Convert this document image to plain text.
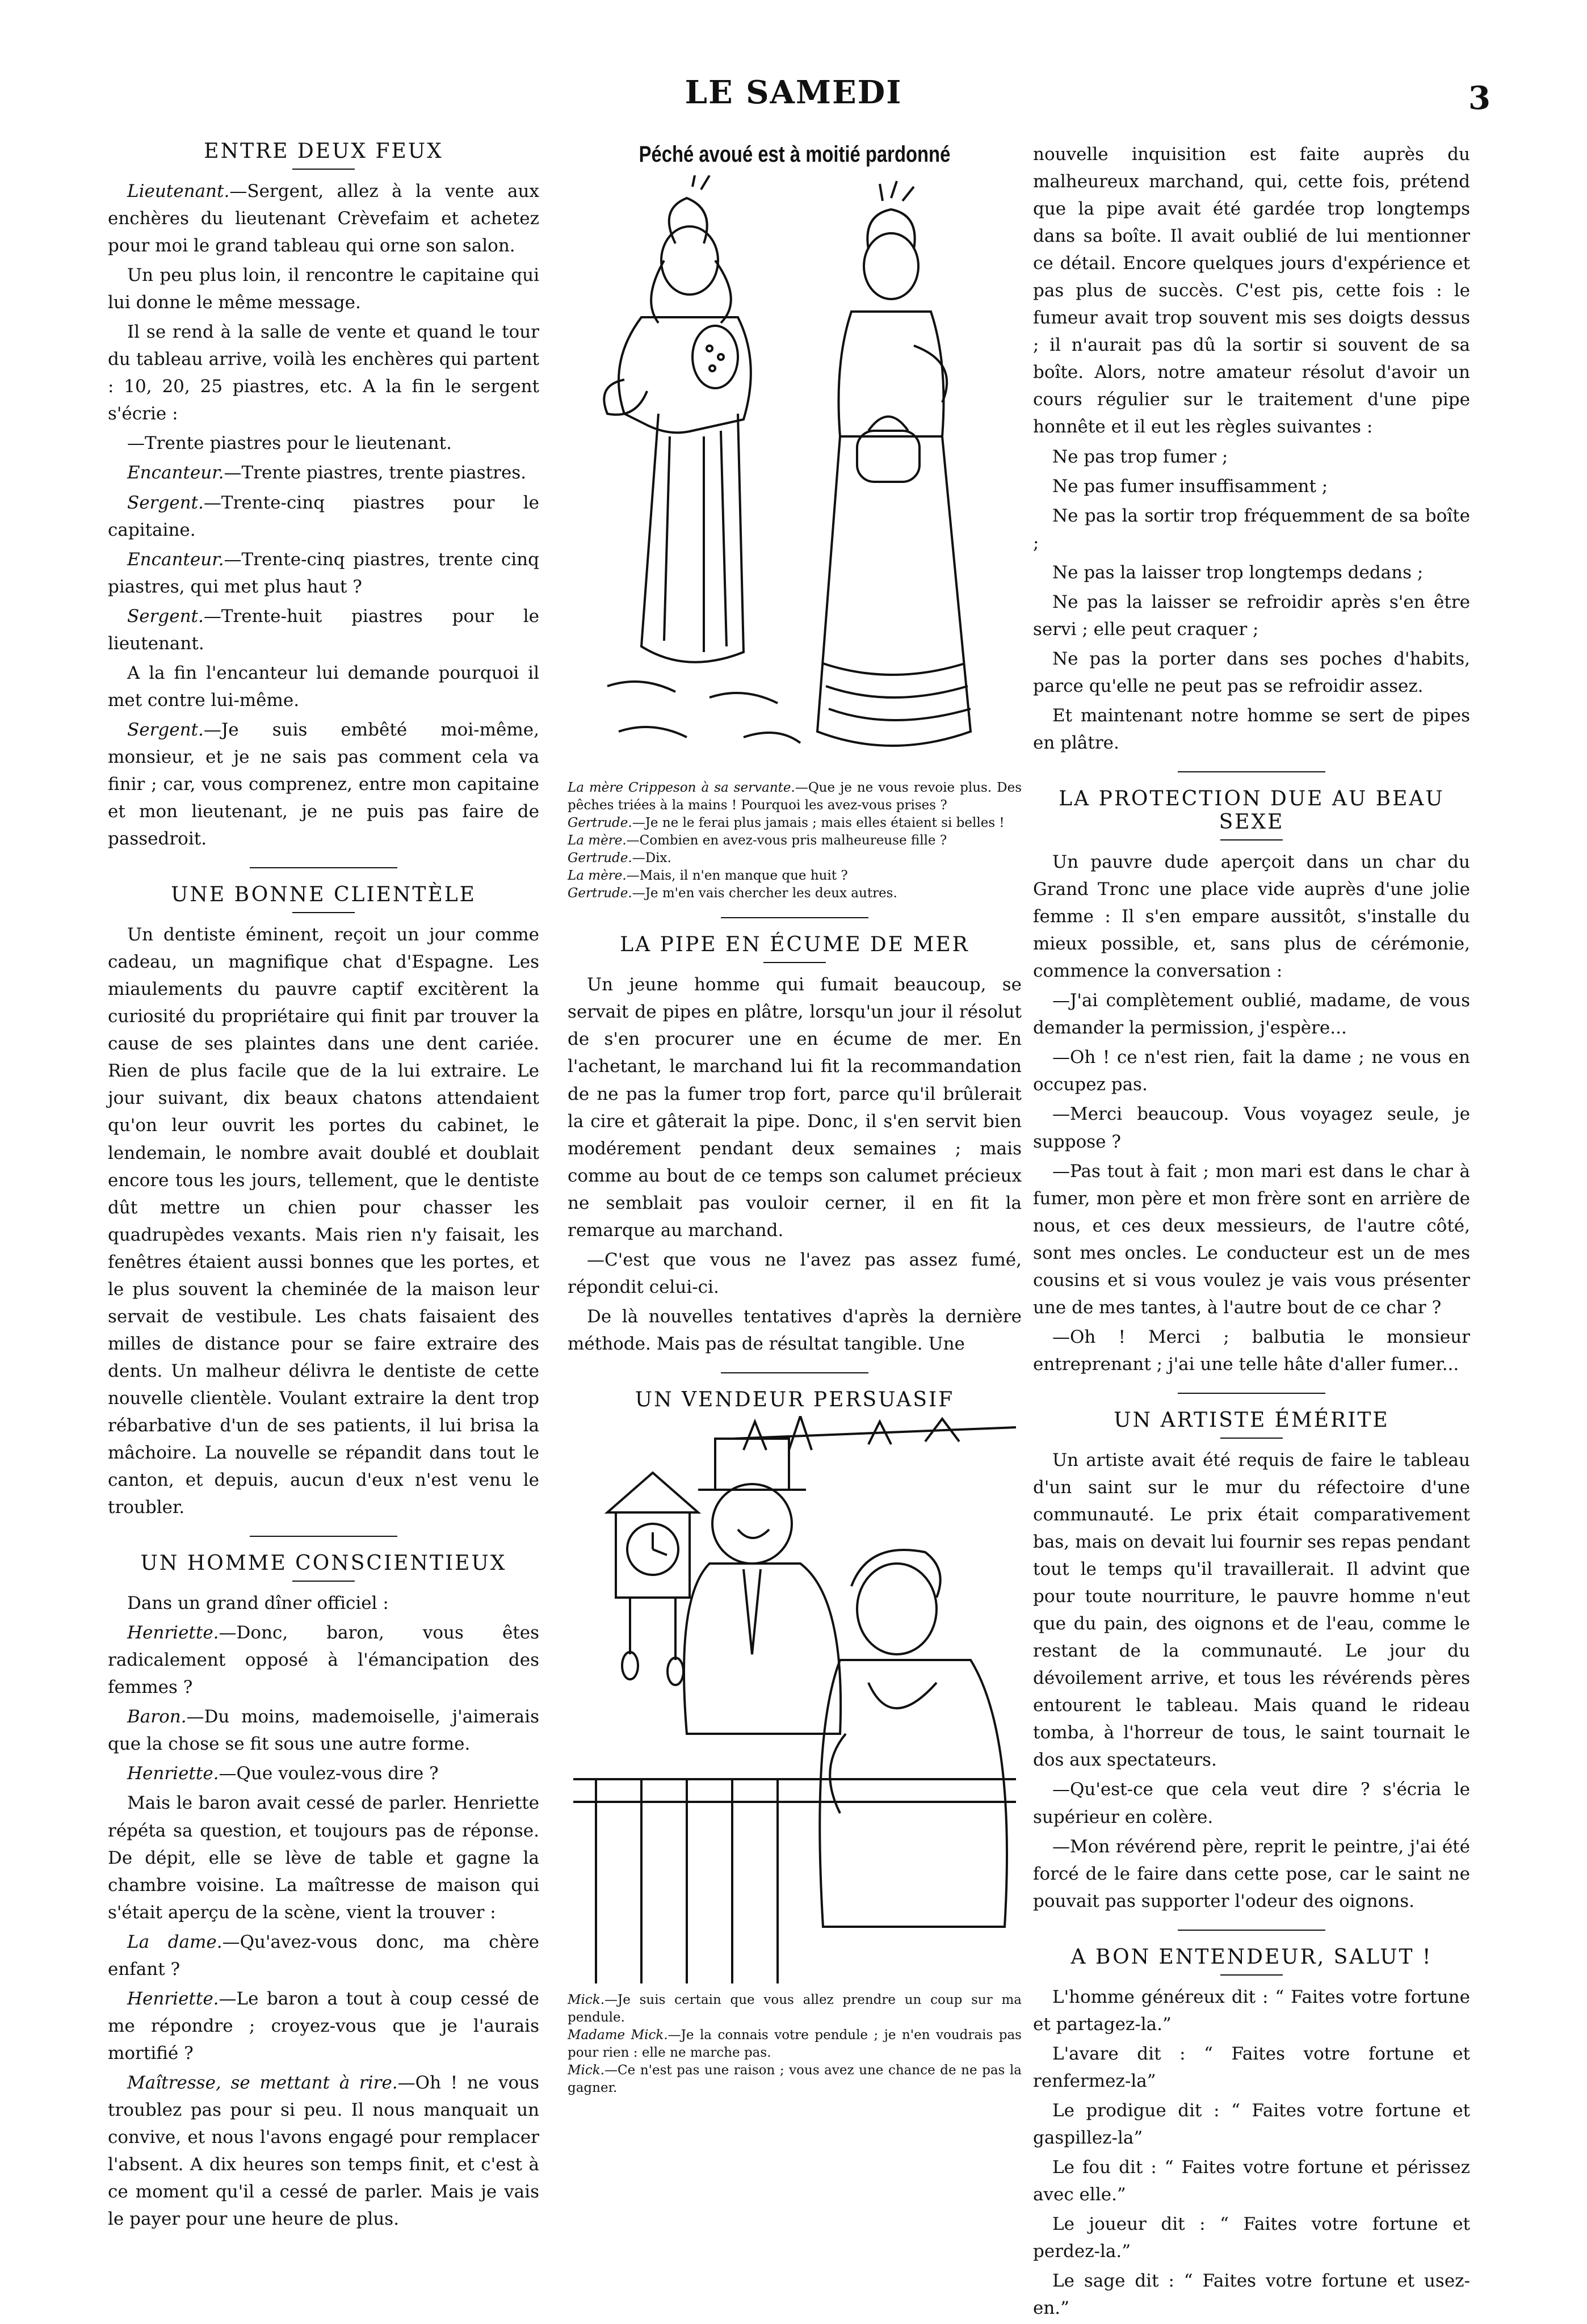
LE SAMEDI	3
ENTRE DEUX FEUX

Lieutenant.—Sergent, allez à la vente aux enchères du lieutenant Crèvefaim et achetez pour moi le grand tableau qui orne son salon.

Un peu plus loin, il rencontre le capitaine qui lui donne le même message.

Il se rend à la salle de vente et quand le tour du tableau arrive, voilà les enchères qui partent : 10, 20, 25 piastres, etc. A la fin le sergent s'écrie :

—Trente piastres pour le lieutenant.

Encanteur.—Trente piastres, trente piastres.

Sergent.—Trente-cinq piastres pour le capitaine.

Encanteur.—Trente-cinq piastres, trente cinq piastres, qui met plus haut ?

Sergent.—Trente-huit piastres pour le lieutenant.

A la fin l'encanteur lui demande pourquoi il met contre lui-même.

Sergent.—Je suis embêté moi-même, monsieur, et je ne sais pas comment cela va finir ; car, vous comprenez, entre mon capitaine et mon lieutenant, je ne puis pas faire de passedroit.

UNE BONNE CLIENTÈLE

Un dentiste éminent, reçoit un jour comme cadeau, un magnifique chat d'Espagne. Les miaulements du pauvre captif excitèrent la curiosité du propriétaire qui finit par trouver la cause de ses plaintes dans une dent cariée. Rien de plus facile que de la lui extraire. Le jour suivant, dix beaux chatons attendaient qu'on leur ouvrit les portes du cabinet, le lendemain, le nombre avait doublé et doublait encore tous les jours, tellement, que le dentiste dût mettre un chien pour chasser les quadrupèdes vexants. Mais rien n'y faisait, les fenêtres étaient aussi bonnes que les portes, et le plus souvent la cheminée de la maison leur servait de vestibule. Les chats faisaient des milles de distance pour se faire extraire des dents. Un malheur délivra le dentiste de cette nouvelle clientèle. Voulant extraire la dent trop rébarbative d'un de ses patients, il lui brisa la mâchoire. La nouvelle se répandit dans tout le canton, et depuis, aucun d'eux n'est venu le troubler.

UN HOMME CONSCIENTIEUX

Dans un grand dîner officiel :

Henriette.—Donc, baron, vous êtes radicalement opposé à l'émancipation des femmes ?

Baron.—Du moins, mademoiselle, j'aimerais que la chose se fit sous une autre forme.

Henriette.—Que voulez-vous dire ?

Mais le baron avait cessé de parler. Henriette répéta sa question, et toujours pas de réponse. De dépit, elle se lève de table et gagne la chambre voisine. La maîtresse de maison qui s'était aperçu de la scène, vient la trouver :

La dame.—Qu'avez-vous donc, ma chère enfant ?

Henriette.—Le baron a tout à coup cessé de me répondre ; croyez-vous que je l'aurais mortifié ?

Maîtresse, se mettant à rire.—Oh ! ne vous troublez pas pour si peu. Il nous manquait un convive, et nous l'avons engagé pour remplacer l'absent. A dix heures son temps finit, et c'est à ce moment qu'il a cessé de parler. Mais je vais le payer pour une heure de plus.

Péché avoué est à moitié pardonné
La mère Crippeson à sa servante.—Que je ne vous revoie plus. Des pêches triées à la mains ! Pourquoi les avez-vous prises ?
Gertrude.—Je ne le ferai plus jamais ; mais elles étaient si belles !
La mère.—Combien en avez-vous pris malheureuse fille ?
Gertrude.—Dix.
La mère.—Mais, il n'en manque que huit ?
Gertrude.—Je m'en vais chercher les deux autres.
LA PIPE EN ÉCUME DE MER

Un jeune homme qui fumait beaucoup, se servait de pipes en plâtre, lorsqu'un jour il résolut de s'en procurer une en écume de mer. En l'achetant, le marchand lui fit la recommandation de ne pas la fumer trop fort, parce qu'il brûlerait la cire et gâterait la pipe. Donc, il s'en servit bien modérement pendant deux semaines ; mais comme au bout de ce temps son calumet précieux ne semblait pas vouloir cerner, il en fit la remarque au marchand.

—C'est que vous ne l'avez pas assez fumé, répondit celui-ci.

De là nouvelles tentatives d'après la dernière méthode. Mais pas de résultat tangible. Une

UN VENDEUR PERSUASIF
Mick.—Je suis certain que vous allez prendre un coup sur ma pendule.
Madame Mick.—Je la connais votre pendule ; je n'en voudrais pas pour rien : elle ne marche pas.
Mick.—Ce n'est pas une raison ; vous avez une chance de ne pas la gagner.

nouvelle inquisition est faite auprès du malheureux marchand, qui, cette fois, prétend que la pipe avait été gardée trop longtemps dans sa boîte. Il avait oublié de lui mentionner ce détail. Encore quelques jours d'expérience et pas plus de succès. C'est pis, cette fois : le fumeur avait trop souvent mis ses doigts dessus ; il n'aurait pas dû la sortir si souvent de sa boîte. Alors, notre amateur résolut d'avoir un cours régulier sur le traitement d'une pipe honnête et il eut les règles suivantes :

Ne pas trop fumer ;

Ne pas fumer insuffisamment ;

Ne pas la sortir trop fréquemment de sa boîte ;

Ne pas la laisser trop longtemps dedans ;

Ne pas la laisser se refroidir après s'en être servi ; elle peut craquer ;

Ne pas la porter dans ses poches d'habits, parce qu'elle ne peut pas se refroidir assez.

Et maintenant notre homme se sert de pipes en plâtre.

LA PROTECTION DUE AU BEAU SEXE

Un pauvre dude aperçoit dans un char du Grand Tronc une place vide auprès d'une jolie femme : Il s'en empare aussitôt, s'installe du mieux possible, et, sans plus de cérémonie, commence la conversation :

—J'ai complètement oublié, madame, de vous demander la permission, j'espère...

—Oh ! ce n'est rien, fait la dame ; ne vous en occupez pas.

—Merci beaucoup. Vous voyagez seule, je suppose ?

—Pas tout à fait ; mon mari est dans le char à fumer, mon père et mon frère sont en arrière de nous, et ces deux messieurs, de l'autre côté, sont mes oncles. Le conducteur est un de mes cousins et si vous voulez je vais vous présenter une de mes tantes, à l'autre bout de ce char ?

—Oh ! Merci ; balbutia le monsieur entreprenant ; j'ai une telle hâte d'aller fumer...

UN ARTISTE ÉMÉRITE

Un artiste avait été requis de faire le tableau d'un saint sur le mur du réfectoire d'une communauté. Le prix était comparativement bas, mais on devait lui fournir ses repas pendant tout le temps qu'il travaillerait. Il advint que pour toute nourriture, le pauvre homme n'eut que du pain, des oignons et de l'eau, comme le restant de la communauté. Le jour du dévoilement arrive, et tous les révérends pères entourent le tableau. Mais quand le rideau tomba, à l'horreur de tous, le saint tournait le dos aux spectateurs.

—Qu'est-ce que cela veut dire ? s'écria le supérieur en colère.

—Mon révérend père, reprit le peintre, j'ai été forcé de le faire dans cette pose, car le saint ne pouvait pas supporter l'odeur des oignons.

A BON ENTENDEUR, SALUT !

L'homme généreux dit : “ Faites votre fortune et partagez-la.”

L'avare dit : “ Faites votre fortune et renfermez-la”

Le prodigue dit : “ Faites votre fortune et gaspillez-la”

Le fou dit : “ Faites votre fortune et périssez avec elle.”

Le joueur dit : “ Faites votre fortune et perdez-la.”

Le sage dit : “ Faites votre fortune et usez-en.”
